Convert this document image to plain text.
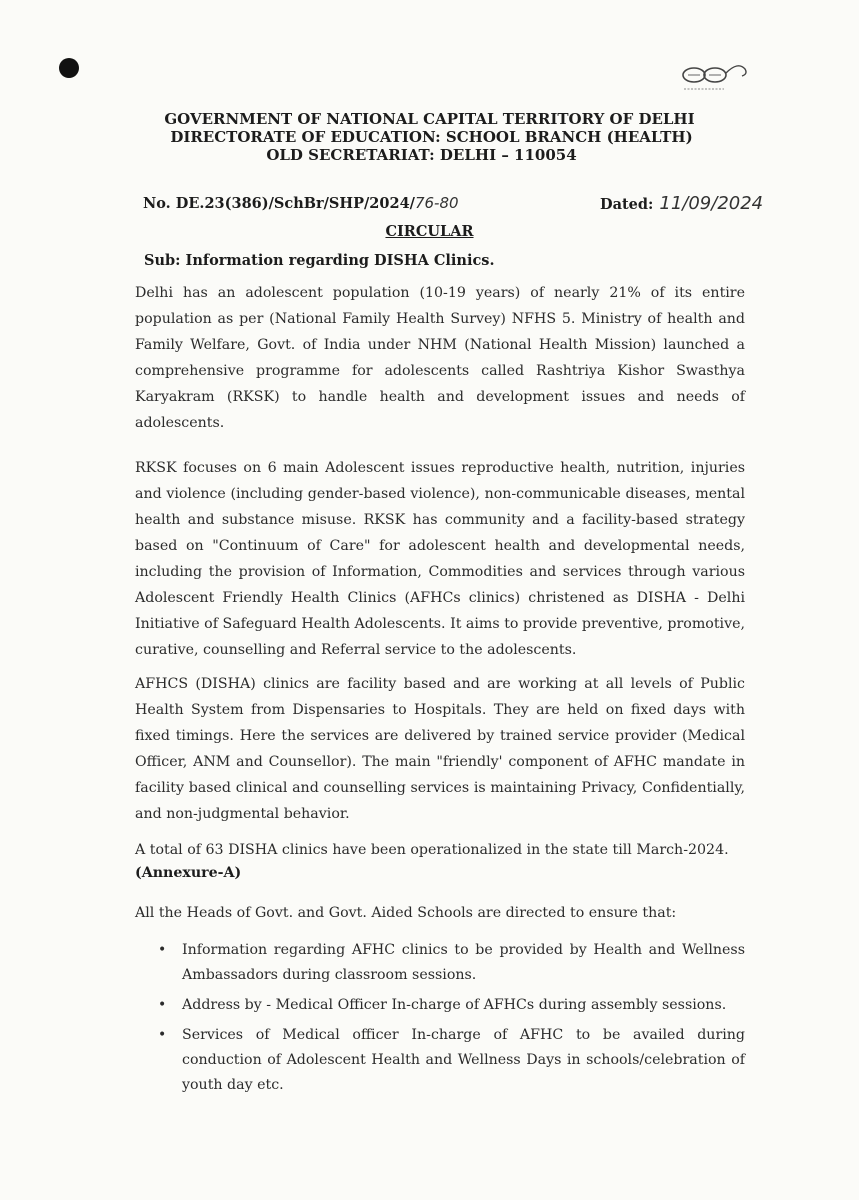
GOVERNMENT OF NATIONAL CAPITAL TERRITORY OF DELHI
DIRECTORATE OF EDUCATION: SCHOOL BRANCH (HEALTH)
OLD SECRETARIAT: DELHI – 110054
No. DE.23(386)/SchBr/SHP/2024/76-80	Dated: 11/09/2024
CIRCULAR
Sub: Information regarding DISHA Clinics.

Delhi has an adolescent population (10-19 years) of nearly 21% of its entire population as per (National Family Health Survey) NFHS 5. Ministry of health and Family Welfare, Govt. of India under NHM (National Health Mission) launched a comprehensive programme for adolescents called Rashtriya Kishor Swasthya Karyakram (RKSK) to handle health and development issues and needs of adolescents.

RKSK focuses on 6 main Adolescent issues reproductive health, nutrition, injuries and violence (including gender-based violence), non-communicable diseases, mental health and substance misuse. RKSK has community and a facility-based strategy based on "Continuum of Care" for adolescent health and developmental needs, including the provision of Information, Commodities and services through various Adolescent Friendly Health Clinics (AFHCs clinics) christened as DISHA - Delhi Initiative of Safeguard Health Adolescents. It aims to provide preventive, promotive, curative, counselling and Referral service to the adolescents.

AFHCS (DISHA) clinics are facility based and are working at all levels of Public Health System from Dispensaries to Hospitals. They are held on fixed days with fixed timings. Here the services are delivered by trained service provider (Medical Officer, ANM and Counsellor). The main "friendly' component of AFHC mandate in facility based clinical and counselling services is maintaining Privacy, Confidentially, and non-judgmental behavior.

A total of 63 DISHA clinics have been operationalized in the state till March-2024.

(Annexure-A)

All the Heads of Govt. and Govt. Aided Schools are directed to ensure that:

• Information regarding AFHC clinics to be provided by Health and Wellness Ambassadors during classroom sessions.
• Address by - Medical Officer In-charge of AFHCs during assembly sessions.
• Services of Medical officer In-charge of AFHC to be availed during conduction of Adolescent Health and Wellness Days in schools/celebration of youth day etc.
